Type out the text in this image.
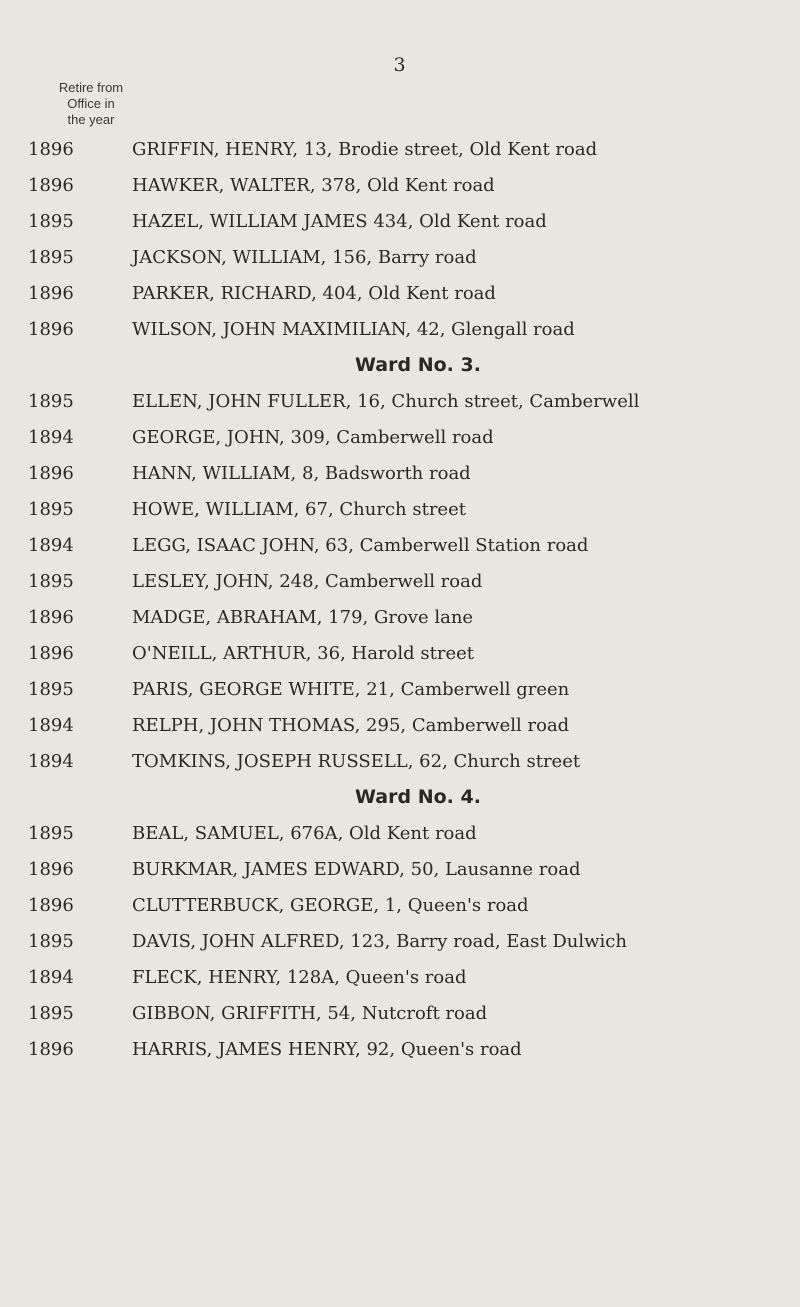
3
Retire from
Office in
the year
1896	GRIFFIN, HENRY, 13, Brodie street, Old Kent road
1896	HAWKER, WALTER, 378, Old Kent road
1895	HAZEL, WILLIAM JAMES 434, Old Kent road
1895	JACKSON, WILLIAM, 156, Barry road
1896	PARKER, RICHARD, 404, Old Kent road
1896	WILSON, JOHN MAXIMILIAN, 42, Glengall road
Ward No. 3.
1895	ELLEN, JOHN FULLER, 16, Church street, Camberwell
1894	GEORGE, JOHN, 309, Camberwell road
1896	HANN, WILLIAM, 8, Badsworth road
1895	HOWE, WILLIAM, 67, Church street
1894	LEGG, ISAAC JOHN, 63, Camberwell Station road
1895	LESLEY, JOHN, 248, Camberwell road
1896	MADGE, ABRAHAM, 179, Grove lane
1896	O'NEILL, ARTHUR, 36, Harold street
1895	PARIS, GEORGE WHITE, 21, Camberwell green
1894	RELPH, JOHN THOMAS, 295, Camberwell road
1894	TOMKINS, JOSEPH RUSSELL, 62, Church street
Ward No. 4.
1895	BEAL, SAMUEL, 676A, Old Kent road
1896	BURKMAR, JAMES EDWARD, 50, Lausanne road
1896	CLUTTERBUCK, GEORGE, 1, Queen's road
1895	DAVIS, JOHN ALFRED, 123, Barry road, East Dulwich
1894	FLECK, HENRY, 128A, Queen's road
1895	GIBBON, GRIFFITH, 54, Nutcroft road
1896	HARRIS, JAMES HENRY, 92, Queen's road
